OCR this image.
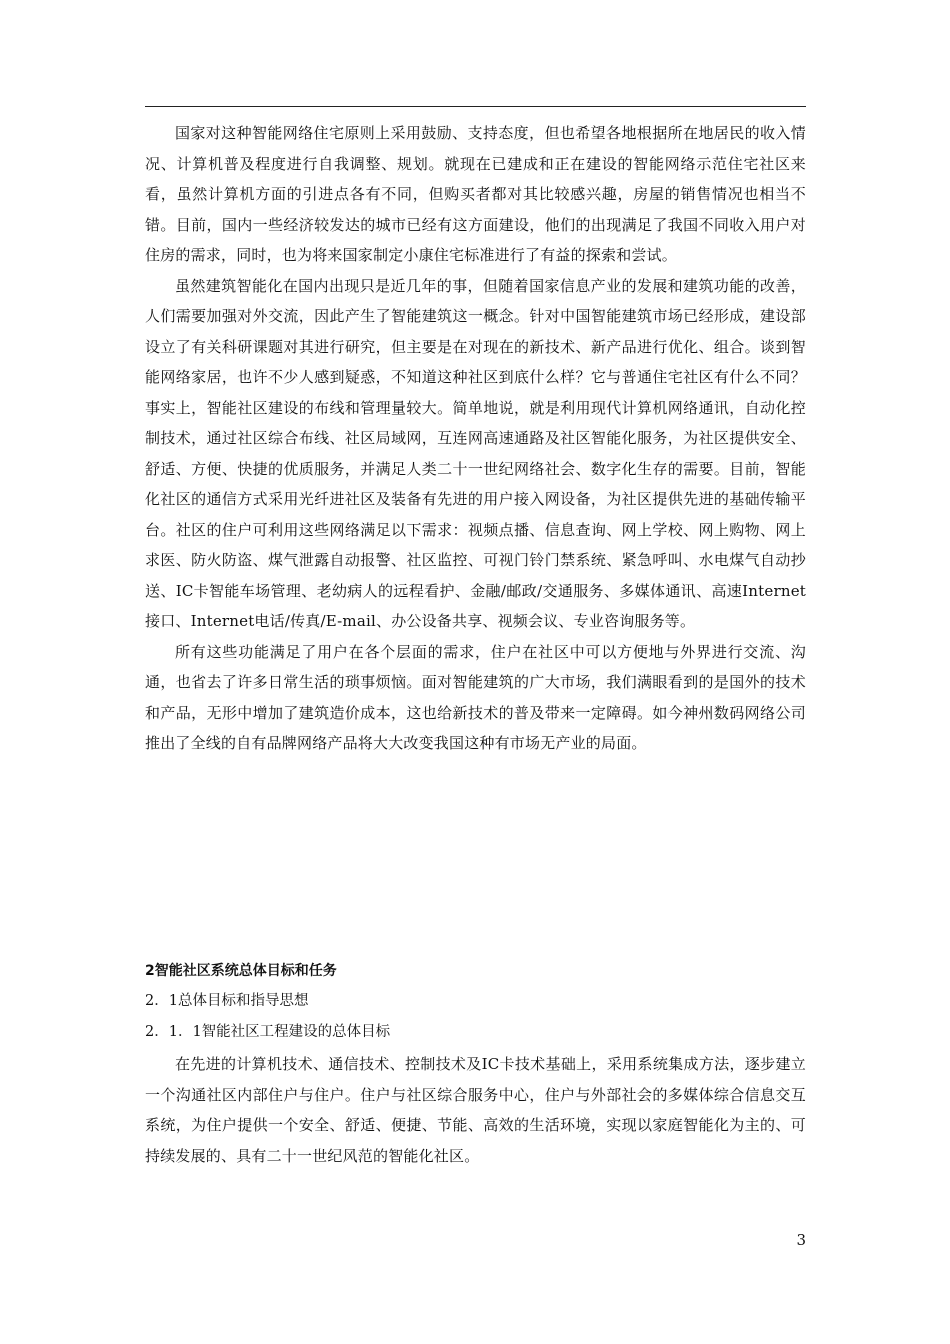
国家对这种智能网络住宅原则上采用鼓励、支持态度，但也希望各地根据所在地居民的收入情况、计算机普及程度进行自我调整、规划。就现在已建成和正在建设的智能网络示范住宅社区来看，虽然计算机方面的引进点各有不同，但购买者都对其比较感兴趣，房屋的销售情况也相当不错。目前，国内一些经济较发达的城市已经有这方面建设，他们的出现满足了我国不同收入用户对住房的需求，同时，也为将来国家制定小康住宅标准进行了有益的探索和尝试。

虽然建筑智能化在国内出现只是近几年的事，但随着国家信息产业的发展和建筑功能的改善，人们需要加强对外交流，因此产生了智能建筑这一概念。针对中国智能建筑市场已经形成，建设部设立了有关科研课题对其进行研究，但主要是在对现在的新技术、新产品进行优化、组合。谈到智能网络家居，也许不少人感到疑惑，不知道这种社区到底什么样？它与普通住宅社区有什么不同？事实上，智能社区建设的布线和管理量较大。简单地说，就是利用现代计算机网络通讯，自动化控制技术，通过社区综合布线、社区局域网，互连网高速通路及社区智能化服务，为社区提供安全、舒适、方便、快捷的优质服务，并满足人类二十一世纪网络社会、数字化生存的需要。目前，智能化社区的通信方式采用光纤进社区及装备有先进的用户接入网设备，为社区提供先进的基础传输平台。社区的住户可利用这些网络满足以下需求：视频点播、信息查询、网上学校、网上购物、网上求医、防火防盗、煤气泄露自动报警、社区监控、可视门铃门禁系统、紧急呼叫、水电煤气自动抄送、IC卡智能车场管理、老幼病人的远程看护、金融/邮政/交通服务、多媒体通讯、高速Internet接口、Internet电话/传真/E-mail、办公设备共享、视频会议、专业咨询服务等。

所有这些功能满足了用户在各个层面的需求，住户在社区中可以方便地与外界进行交流、沟通，也省去了许多日常生活的琐事烦恼。面对智能建筑的广大市场，我们满眼看到的是国外的技术和产品，无形中增加了建筑造价成本，这也给新技术的普及带来一定障碍。如今神州数码网络公司推出了全线的自有品牌网络产品将大大改变我国这种有市场无产业的局面。

2智能社区系统总体目标和任务

2．1总体目标和指导思想

2．1．1智能社区工程建设的总体目标

在先进的计算机技术、通信技术、控制技术及IC卡技术基础上，采用系统集成方法，逐步建立一个沟通社区内部住户与住户。住户与社区综合服务中心，住户与外部社会的多媒体综合信息交互系统，为住户提供一个安全、舒适、便捷、节能、高效的生活环境，实现以家庭智能化为主的、可持续发展的、具有二十一世纪风范的智能化社区。

3
